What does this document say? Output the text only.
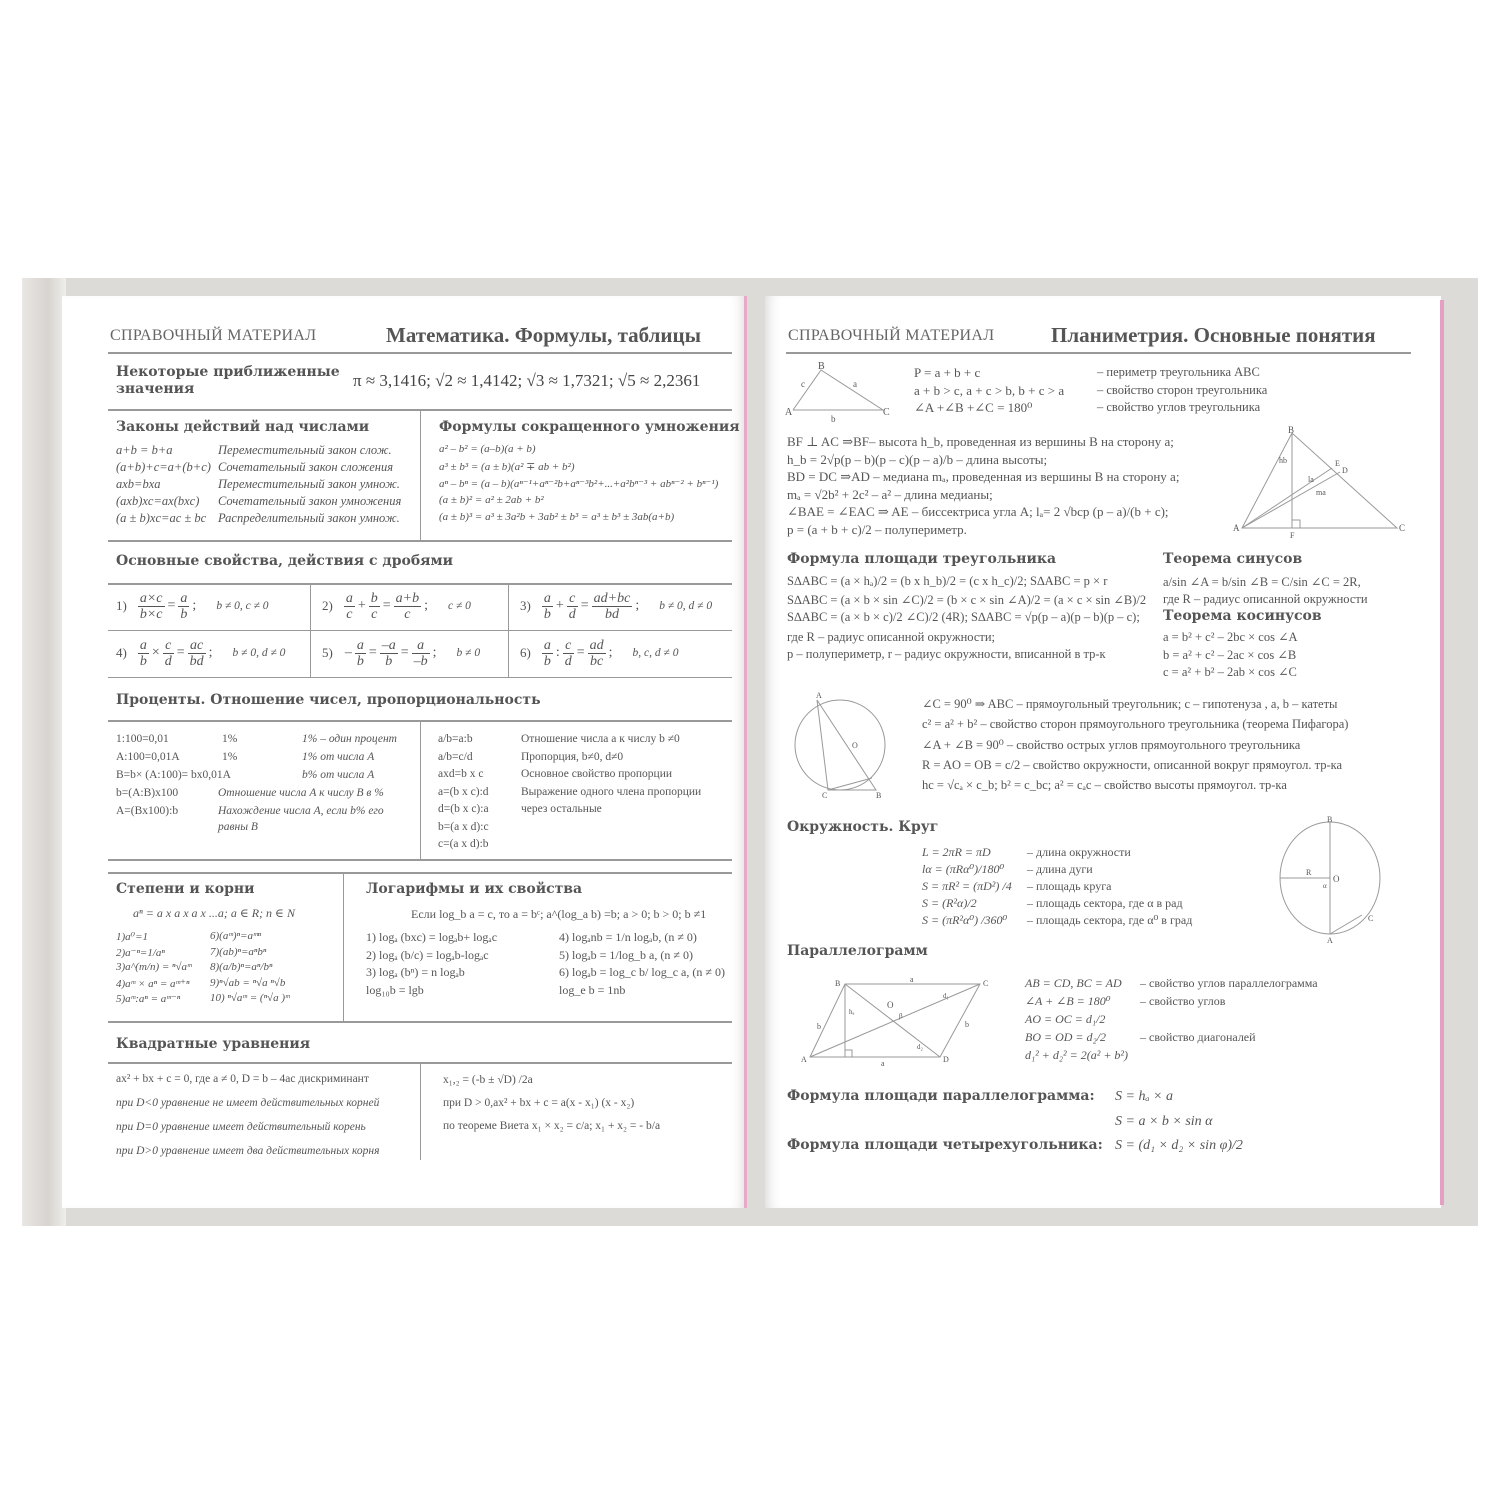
СПРАВОЧНЫЙ МАТЕРИАЛ	Математика. Формулы, таблицы
Некоторые приближенные
значения	π ≈ 3,1416; √2 ≈ 1,4142; √3 ≈ 1,7321; √5 ≈ 2,2361
Законы действий над числами
a+b = b+a	Переместительный закон слож.
(a+b)+c=a+(b+c) Сочетательный закон сложения
axb=bxa	Переместительный закон умнож.
(axb)xc=ax(bxc) Сочетательный закон умножения
(a ± b)xc=ac ± bc Распределительный закон умнож.
Формулы сокращенного умножения
a² – b² = (a–b)(a + b)
a³ ± b³ = (a ± b)(a² ∓ ab + b²)
aⁿ – bⁿ = (a – b)(aⁿ⁻¹+aⁿ⁻²b+aⁿ⁻³b²+...+a²bⁿ⁻³ + abⁿ⁻² + bⁿ⁻¹)
(a ± b)² = a² ± 2ab + b²
(a ± b)³ = a³ ± 3a²b + 3ab² ± b³ = a³ ± b³ ± 3ab(a+b)
Основные свойства, действия с дробями
$1) \frac{a\times c}{b\times c} = \frac{a}{b}$ ; b ≠ 0, c ≠ 0	$2) \frac{a}{c} + \frac{b}{c} = \frac{a+b}{c}$ ; c ≠ 0	$3) \frac{a}{b} + \frac{c}{d} = \frac{ad+bc}{bd}$ ; b ≠ 0, d ≠ 0
$4) \frac{a}{b} \times \frac{c}{d} = \frac{ac}{bd}$ ; b ≠ 0, d ≠ 0	$5) - \frac{a}{b} = \frac{-a}{b} = \frac{a}{-b}$ ; b ≠ 0	$6) \frac{a}{b}$ : $\frac{c}{d} = \frac{ad}{bc}$ ; b, c, d ≠ 0
Проценты. Отношение чисел, пропорциональность
1:100=0,01	1%	1% – один процент
A:100=0,01A	1%	1% от числа A
B=b× (A:100)= bx0,01A	b% от числа A
b=(A:B)x100	Отношение числа A к числу B в %
A=(Bx100):b	Нахождение числа A, если b% его
равны B
a/b=a:b	Отношение числа a к числу b ≠0
a/b=c/d	Пропорция, b≠0, d≠0
axd=b x c	Основное свойство пропорции
a=(b x c):d	Выражение одного члена пропорции
d=(b x c):a	через остальные
b=(a x d):c
c=(a x d):b
Степени и корни
aⁿ = a x a x a x ...a; a ∈ R; n ∈ N
1)a⁰=1
2)a⁻ⁿ=1/aⁿ
3)a^(m/n) = ⁿ√aᵐ
4)aᵐ × aⁿ = aᵐ⁺ⁿ
5)aᵐ:aⁿ = aᵐ⁻ⁿ
6)(aᵐ)ⁿ=aᵐⁿ
7)(ab)ⁿ=aⁿbⁿ
8)(a/b)ⁿ=aⁿ/bⁿ
9)ⁿ√ab = ⁿ√a ⁿ√b
10) ⁿ√aᵐ = (ⁿ√a )ᵐ
Логарифмы и их свойства
Если log_b a = c, то a = bᶜ; a^(log_a b) =b; a > 0; b > 0; b ≠1
1) logₐ (bxc) = logₐb+ logₐc
2) logₐ (b/c) = logₐb-logₐc
3) logₐ (bⁿ) = n logₐb
log₁₀b = lgb
4) logₐnb = 1/n logₐb, (n ≠ 0)
5) logₐb = 1/log_b a, (n ≠ 0)
6) logₐb = log_c b/ log_c a, (n ≠ 0)
log_e b = 1nb
Квадратные уравнения
ax² + bx + c = 0, где a ≠ 0, D = b – 4ac дискриминант
при D<0 уравнение не имеет действительных корней
при D=0 уравнение имеет действительный корень
при D>0 уравнение имеет два действительных корня
x₁,₂ = (-b ± √D) /2a
при D > 0,ax² + bx + c = a(x - x₁) (x - x₂)
по теореме Виета x₁ × x₂ = c/a; x₁ + x₂ = - b/a
СПРАВОЧНЫЙ МАТЕРИАЛ	Планиметрия. Основные понятия
A
B
C
a
b
c
P = a + b + c	– периметр треугольника ABC
a + b > c, a + c > b, b + c > a	– свойство сторон треугольника
∠A +∠B +∠C = 180⁰	– свойство углов треугольника
BF ⊥ AC ⇒BF– высота h_b, проведенная из вершины B на сторону a;
h_b = 2√p(p – b)(p – c)(p – a)/b – длина высоты;
BD = DC ⇒AD – медиана mₐ, проведенная из вершины B на сторону a;
mₐ = √2b² + 2c² – a² – длина медианы;
∠BAE = ∠EAC ⇒ AE – биссектриса угла A; lₐ= 2 √bcp (p – a)/(b + c);
p = (a + b + c)/2 – полупериметр.	A
B
C
E
D
F
hb
la
ma
Формула площади треугольника
S∆ABC = (a × hₐ)/2 = (b x h_b)/2 = (c x h_c)/2; S∆ABC = p × r
S∆ABC = (a × b × sin ∠C)/2 = (b × c × sin ∠A)/2 = (a × c × sin ∠B)/2
S∆ABC = (a × b × c)/2 ∠C)/2 (4R); S∆ABC = √p(p – a)(p – b)(p – c);
где R – радиус описанной окружности;
p – полупериметр, r – радиус окружности, вписанной в тр-к
Теорема синусов
a/sin ∠A = b/sin ∠B = C/sin ∠C = 2R,
где R – радиус описанной окружности
Теорема косинусов
a = b² + c² – 2bc × cos ∠A
b = a² + c² – 2ac × cos ∠B
c = a² + b² – 2ab × cos ∠C
A
B
C
O
∠C = 90⁰ ⇒ ABC – прямоугольный треугольник; c – гипотенуза , a, b – катеты
c² = a² + b² – свойство сторон прямоугольного треугольника (теорема Пифагора)
∠A + ∠B = 90⁰ – свойство острых углов прямоугольного треугольника
R = AO = OB = c/2 – свойство окружности, описанной вокруг прямоугол. тр-ка
hc = √cₐ × c_b; b² = c_bc; a² = cₐc – свойство высоты прямоугол. тр-ка
Окружность. Круг
L = 2πR = πD	– длина окружности
lα = (πRα⁰)/180⁰ – длина дуги
S = πR² = (πD²) /4 – площадь круга
S = (R²α)/2	– площадь сектора, где α в рад
S = (πR²α⁰) /360⁰ – площадь сектора, где α⁰ в град
B
A
C
O
R
α
Параллелограмм
A
B	C
D
O
a
a
b	b
hₐ
d₁
d₂
β
AB = CD, BC = AD – свойство углов параллелограмма
∠A + ∠B = 180⁰ – свойство углов
AO = OC = d₁/2
BO = OD = d₂/2	– свойство диагоналей
d₁² + d₂² = 2(a² + b²)
Формула площади параллелограмма: S = hₐ × a
S = a × b × sin α
Формула площади четырехугольника: S = (d₁ × d₂ × sin φ)/2
